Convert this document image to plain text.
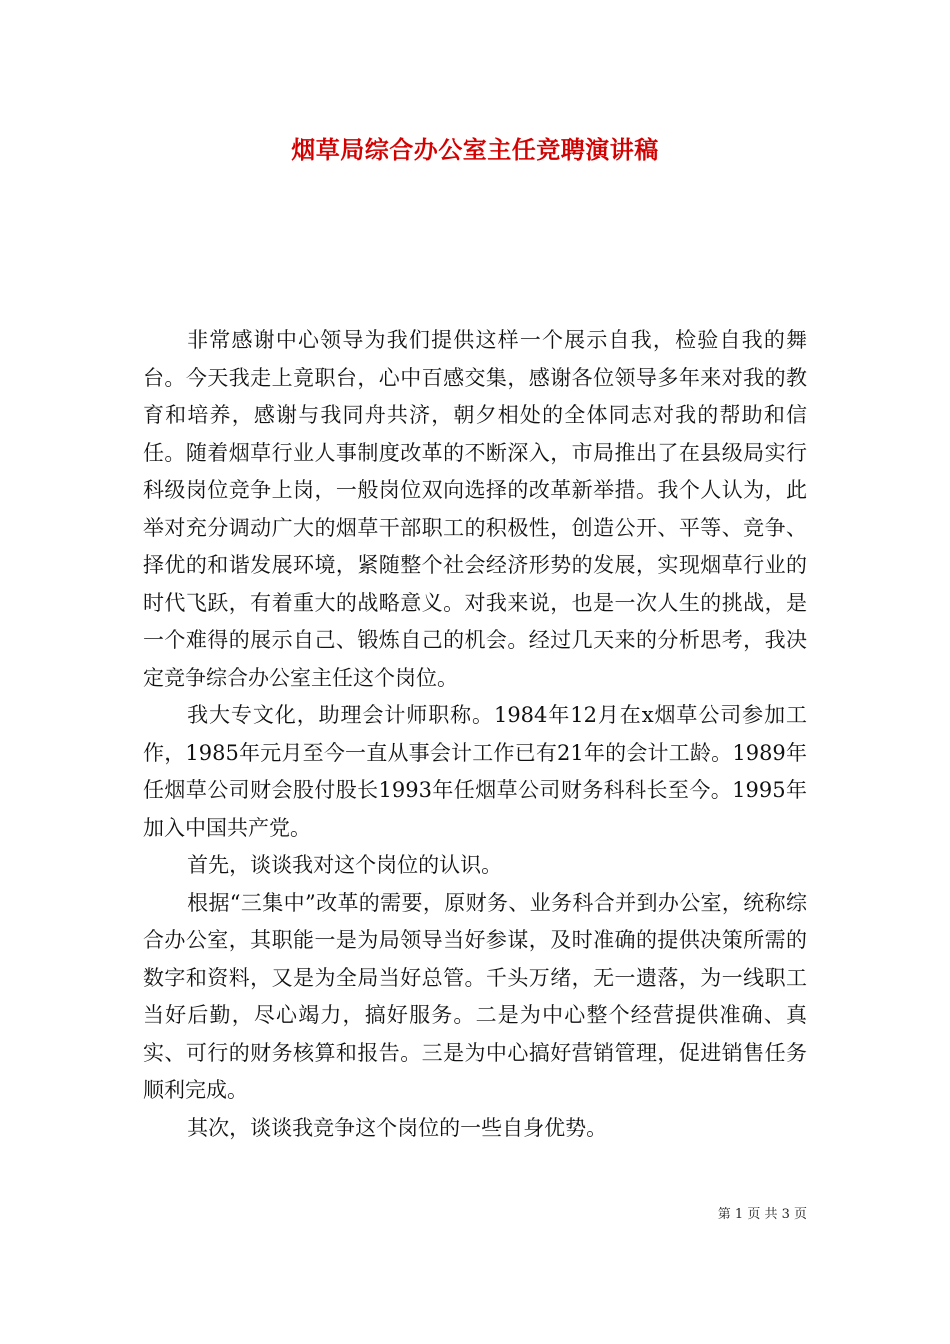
烟草局综合办公室主任竞聘演讲稿

非常感谢中心领导为我们提供这样一个展示自我，检验自我的舞台。今天我走上竟职台，心中百感交集，感谢各位领导多年来对我的教育和培养，感谢与我同舟共济，朝夕相处的全体同志对我的帮助和信任。随着烟草行业人事制度改革的不断深入，市局推出了在县级局实行科级岗位竞争上岗，一般岗位双向选择的改革新举措。我个人认为，此举对充分调动广大的烟草干部职工的积极性，创造公开、平等、竞争、择优的和谐发展环境，紧随整个社会经济形势的发展，实现烟草行业的时代飞跃，有着重大的战略意义。对我来说，也是一次人生的挑战，是一个难得的展示自己、锻炼自己的机会。经过几天来的分析思考，我决定竞争综合办公室主任这个岗位。

我大专文化，助理会计师职称。1984年12月在x烟草公司参加工作，1985年元月至今一直从事会计工作已有21年的会计工龄。1989年任烟草公司财会股付股长1993年任烟草公司财务科科长至今。1995年加入中国共产党。

首先，谈谈我对这个岗位的认识。

根据“三集中”改革的需要，原财务、业务科合并到办公室，统称综合办公室，其职能一是为局领导当好参谋，及时准确的提供决策所需的数字和资料，又是为全局当好总管。千头万绪，无一遗落，为一线职工当好后勤，尽心竭力，搞好服务。二是为中心整个经营提供准确、真实、可行的财务核算和报告。三是为中心搞好营销管理，促进销售任务顺利完成。

其次，谈谈我竞争这个岗位的一些自身优势。

第 1 页 共 3 页
